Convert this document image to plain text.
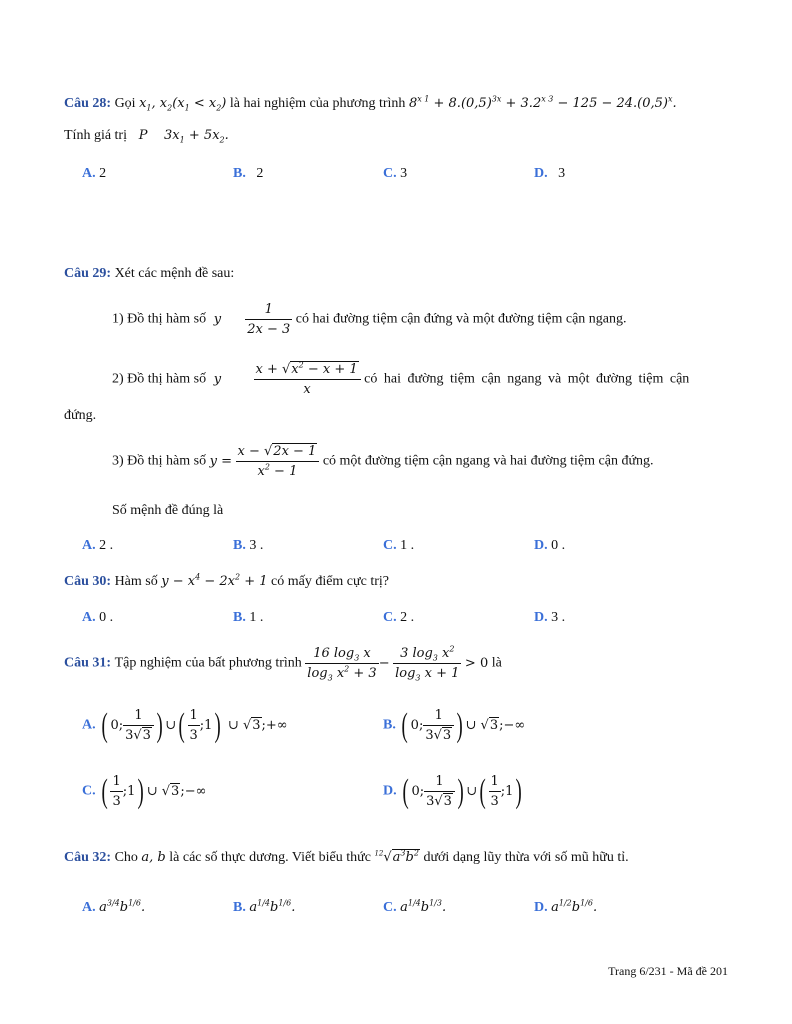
Câu 28: Gọi $x_1$, $x_2(x_1 < x_2)$ là hai nghiệm của phương trình $8^{x 1} + 8.(0,5)^{3x} + 3.2^{x 3} - 125 - 24.(0,5)^x$.
Tính giá trị   P    $3x_1 + 5x_2$.
A. 2	B. 2	C. 3	D. 3
Câu 29: Xét các mệnh đề sau:
1) Đồ thị hàm số  y $\frac{1}{2x - 3}$ có hai đường tiệm cận đứng và một đường tiệm cận ngang.
2) Đồ thị hàm số  y $\frac{x + √x^2 - x + 1}{x}$ có hai đường tiệm cận ngang và một đường tiệm cận
đứng.
3) Đồ thị hàm số $y = \frac{x - √2x - 1}{x^2 - 1}$ có một đường tiệm cận ngang và hai đường tiệm cận đứng.
Số mệnh đề đúng là
A. 2 .	B. 3 .	C. 1 .	D. 0 .
Câu 30: Hàm số $y - x^4 - 2x^2 + 1$ có mấy điểm cực trị?
A. 0 .	B. 1 .	C. 2 .	D. 3 .
Câu 31: Tập nghiệm của bất phương trình $\frac{16 \log_3 x}{\log_3 x^2 + 3} - \frac{3 \log_3 x^2}{\log_3 x + 1} > 0$ là
A. ( 0; $\frac{1}{3√3}$ ) ∪( $\frac{1}{3}$ ;1) ∪ √3;+∞	B. ( 0; $\frac{1}{3√3}$ ) ∪ √3;−∞
C. ( $\frac{1}{3}$ ;1) ∪ √3;−∞	D. ( 0; $\frac{1}{3√3}$ ) ∪( $\frac{1}{3}$ ;1)
Câu 32: Cho a, b là các số thực dương. Viết biểu thức $^{12}√a^3b^2$ dưới dạng lũy thừa với số mũ hữu tỉ.
A. $a^{3/4}b^{1/6}$.	B. $a^{1/4}b^{1/6}$.	C. $a^{1/4}b^{1/3}$.	D. $a^{1/2}b^{1/6}$.
Trang 6/231 - Mã đề 201
